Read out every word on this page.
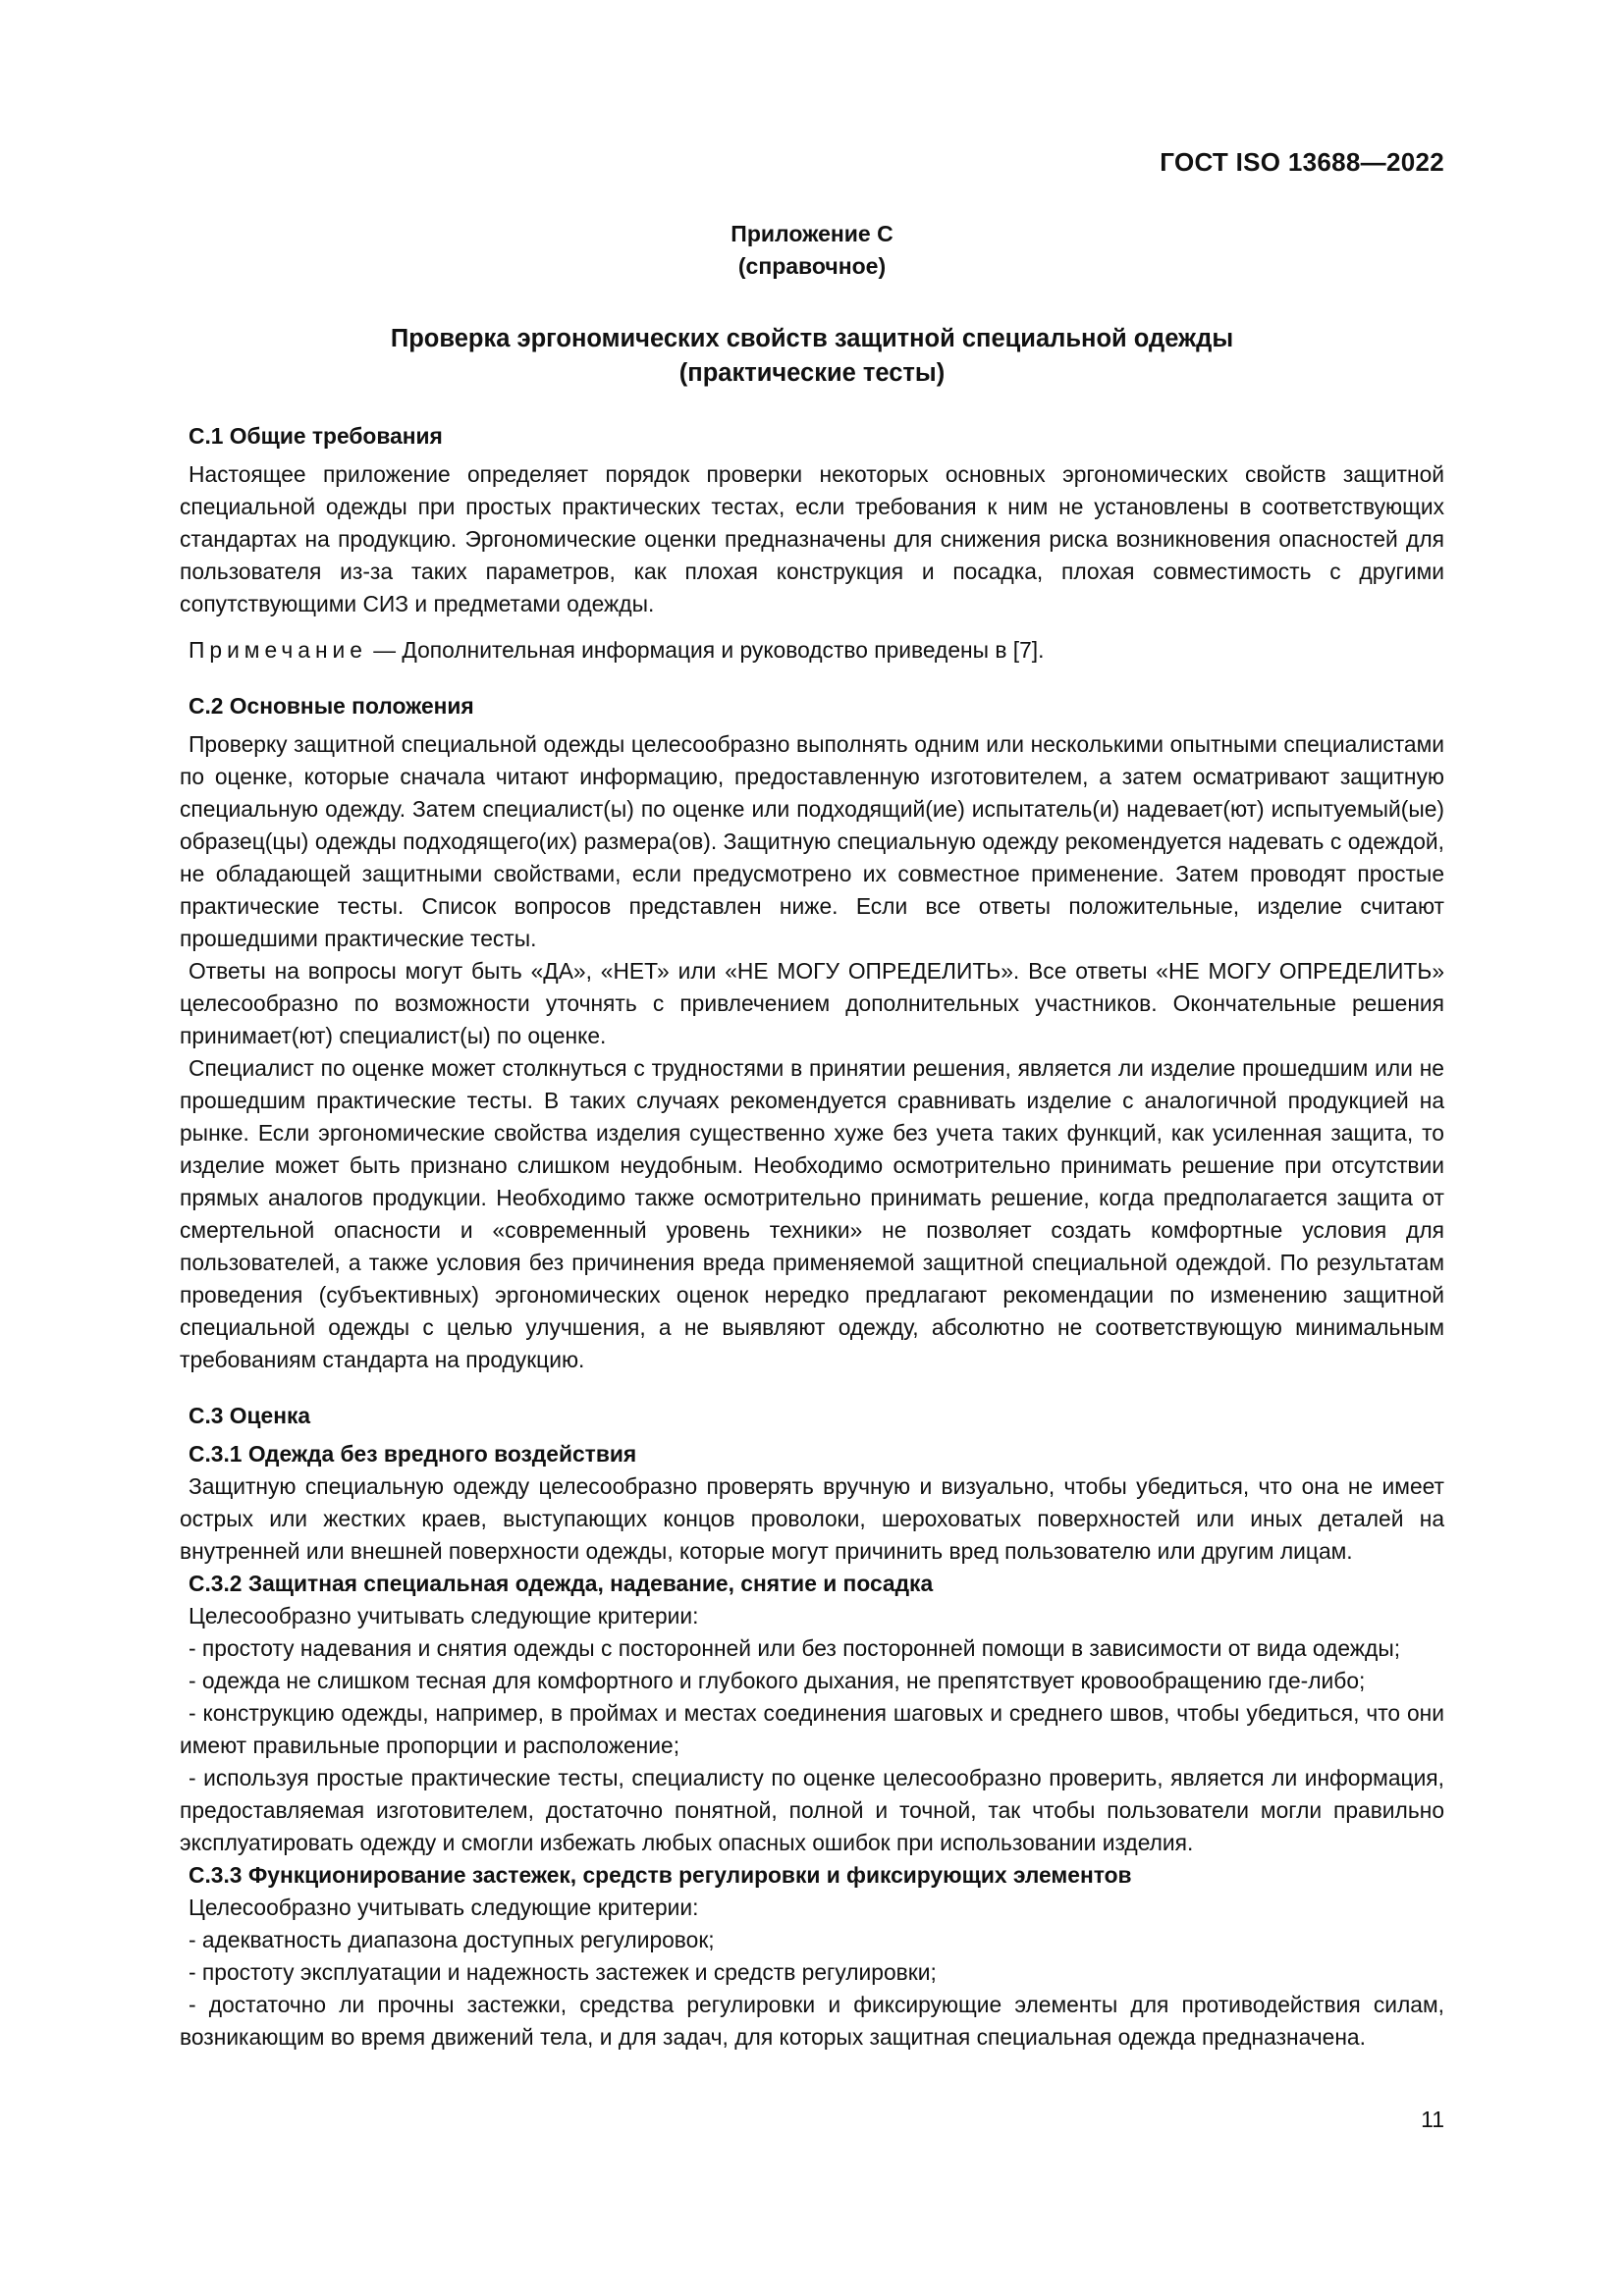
ГОСТ ISO 13688—2022
Приложение С
(справочное)
Проверка эргономических свойств защитной специальной одежды
(практические тесты)

С.1 Общие требования

Настоящее приложение определяет порядок проверки некоторых основных эргономических свойств защитной специальной одежды при простых практических тестах, если требования к ним не установлены в соответствующих стандартах на продукцию. Эргономические оценки предназначены для снижения риска возникновения опасностей для пользователя из-за таких параметров, как плохая конструкция и посадка, плохая совместимость с другими сопутствующими СИЗ и предметами одежды.

Примечание — Дополнительная информация и руководство приведены в [7].

С.2 Основные положения

Проверку защитной специальной одежды целесообразно выполнять одним или несколькими опытными специалистами по оценке, которые сначала читают информацию, предоставленную изготовителем, а затем осматривают защитную специальную одежду. Затем специалист(ы) по оценке или подходящий(ие) испытатель(и) надевает(ют) испытуемый(ые) образец(цы) одежды подходящего(их) размера(ов). Защитную специальную одежду рекомендуется надевать с одеждой, не обладающей защитными свойствами, если предусмотрено их совместное применение. Затем проводят простые практические тесты. Список вопросов представлен ниже. Если все ответы положительные, изделие считают прошедшими практические тесты.

Ответы на вопросы могут быть «ДА», «НЕТ» или «НЕ МОГУ ОПРЕДЕЛИТЬ». Все ответы «НЕ МОГУ ОПРЕДЕЛИТЬ» целесообразно по возможности уточнять с привлечением дополнительных участников. Окончательные решения принимает(ют) специалист(ы) по оценке.

Специалист по оценке может столкнуться с трудностями в принятии решения, является ли изделие прошедшим или не прошедшим практические тесты. В таких случаях рекомендуется сравнивать изделие с аналогичной продукцией на рынке. Если эргономические свойства изделия существенно хуже без учета таких функций, как усиленная защита, то изделие может быть признано слишком неудобным. Необходимо осмотрительно принимать решение при отсутствии прямых аналогов продукции. Необходимо также осмотрительно принимать решение, когда предполагается защита от смертельной опасности и «современный уровень техники» не позволяет создать комфортные условия для пользователей, а также условия без причинения вреда применяемой защитной специальной одеждой. По результатам проведения (субъективных) эргономических оценок нередко предлагают рекомендации по изменению защитной специальной одежды с целью улучшения, а не выявляют одежду, абсолютно не соответствующую минимальным требованиям стандарта на продукцию.

С.3 Оценка

С.3.1 Одежда без вредного воздействия

Защитную специальную одежду целесообразно проверять вручную и визуально, чтобы убедиться, что она не имеет острых или жестких краев, выступающих концов проволоки, шероховатых поверхностей или иных деталей на внутренней или внешней поверхности одежды, которые могут причинить вред пользователю или другим лицам.

С.3.2 Защитная специальная одежда, надевание, снятие и посадка

Целесообразно учитывать следующие критерии:

- простоту надевания и снятия одежды с посторонней или без посторонней помощи в зависимости от вида одежды;

- одежда не слишком тесная для комфортного и глубокого дыхания, не препятствует кровообращению где-либо;

- конструкцию одежды, например, в проймах и местах соединения шаговых и среднего швов, чтобы убедиться, что они имеют правильные пропорции и расположение;

- используя простые практические тесты, специалисту по оценке целесообразно проверить, является ли информация, предоставляемая изготовителем, достаточно понятной, полной и точной, так чтобы пользователи могли правильно эксплуатировать одежду и смогли избежать любых опасных ошибок при использовании изделия.

С.3.3 Функционирование застежек, средств регулировки и фиксирующих элементов

Целесообразно учитывать следующие критерии:

- адекватность диапазона доступных регулировок;

- простоту эксплуатации и надежность застежек и средств регулировки;

- достаточно ли прочны застежки, средства регулировки и фиксирующие элементы для противодействия силам, возникающим во время движений тела, и для задач, для которых защитная специальная одежда предназначена.

11
